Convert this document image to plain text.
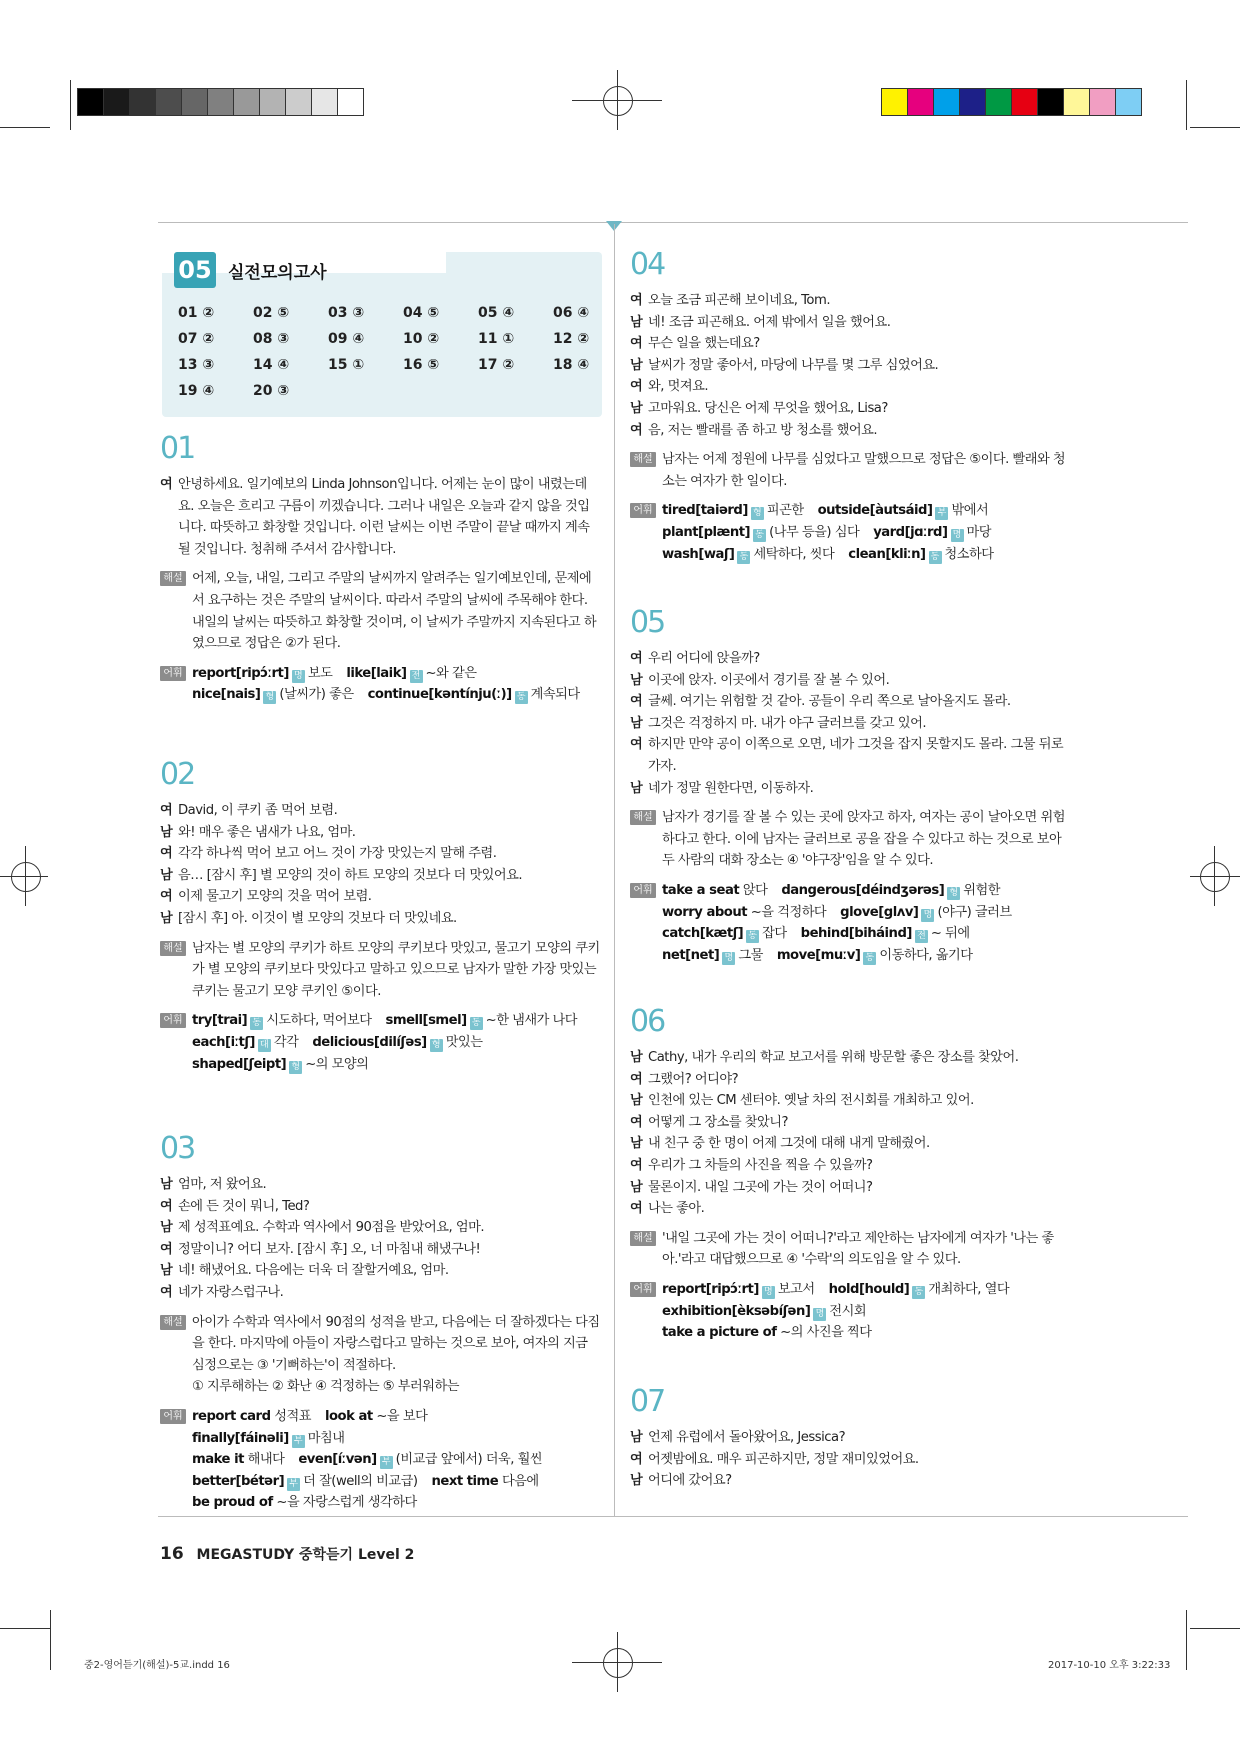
05 실전모의고사
01 ②	02 ⑤	03 ③	04 ⑤	05 ④	06 ④
07 ②	08 ③	09 ④	10 ②	11 ①	12 ②
13 ③	14 ④	15 ①	16 ⑤	17 ②	18 ④
19 ④	20 ③
01
여 안녕하세요. 일기예보의 Linda Johnson입니다. 어제는 눈이 많이 내렸는데요. 오늘은 흐리고 구름이 끼겠습니다. 그러나 내일은 오늘과 같지 않을 것입니다. 따뜻하고 화창할 것입니다. 이런 날씨는 이번 주말이 끝날 때까지 계속될 것입니다. 청취해 주셔서 감사합니다.
해설 어제, 오늘, 내일, 그리고 주말의 날씨까지 알려주는 일기예보인데, 문제에서 요구하는 것은 주말의 날씨이다. 따라서 주말의 날씨에 주목해야 한다. 내일의 날씨는 따뜻하고 화창할 것이며, 이 날씨가 주말까지 지속된다고 하였으므로 정답은 ②가 된다.
어휘 report[ripɔ́ːrt] 명 보도 like[laik] 전 ~와 같은
nice[nais] 형 (날씨가) 좋은 continue[kəntínju(ː)] 동 계속되다
02
여 David, 이 쿠키 좀 먹어 보렴.
남 와! 매우 좋은 냄새가 나요, 엄마.
여 각각 하나씩 먹어 보고 어느 것이 가장 맛있는지 말해 주렴.
남 음… [잠시 후] 별 모양의 것이 하트 모양의 것보다 더 맛있어요.
여 이제 물고기 모양의 것을 먹어 보렴.
남 [잠시 후] 아. 이것이 별 모양의 것보다 더 맛있네요.
해설 남자는 별 모양의 쿠키가 하트 모양의 쿠키보다 맛있고, 물고기 모양의 쿠키가 별 모양의 쿠키보다 맛있다고 말하고 있으므로 남자가 말한 가장 맛있는 쿠키는 물고기 모양 쿠키인 ⑤이다.
어휘 try[trai] 동 시도하다, 먹어보다 smell[smel] 동 ~한 냄새가 나다
each[iːtʃ] 대 각각 delicious[dilíʃəs] 형 맛있는
shaped[ʃeipt] 형 ~의 모양의
03
남 엄마, 저 왔어요.
여 손에 든 것이 뭐니, Ted?
남 제 성적표예요. 수학과 역사에서 90점을 받았어요, 엄마.
여 정말이니? 어디 보자. [잠시 후] 오, 너 마침내 해냈구나!
남 네! 해냈어요. 다음에는 더욱 더 잘할거예요, 엄마.
여 네가 자랑스럽구나.
해설 아이가 수학과 역사에서 90점의 성적을 받고, 다음에는 더 잘하겠다는 다짐을 한다. 마지막에 아들이 자랑스럽다고 말하는 것으로 보아, 여자의 지금 심정으로는 ③ '기뻐하는'이 적절하다.
① 지루해하는 ② 화난 ④ 걱정하는 ⑤ 부러워하는
어휘 report card 성적표 look at ~을 보다finally[fáinəli] 부 마침내
make it 해내다 even[íːvən] 부 (비교급 앞에서) 더욱, 훨씬
better[bétər] 부 더 잘(well의 비교급) next time 다음에
be proud of ~을 자랑스럽게 생각하다
04
여 오늘 조금 피곤해 보이네요, Tom.
남 네! 조금 피곤해요. 어제 밖에서 일을 했어요.
여 무슨 일을 했는데요?
남 날씨가 정말 좋아서, 마당에 나무를 몇 그루 심었어요.
여 와, 멋져요.
남 고마워요. 당신은 어제 무엇을 했어요, Lisa?
여 음, 저는 빨래를 좀 하고 방 청소를 했어요.
해설 남자는 어제 정원에 나무를 심었다고 말했으므로 정답은 ⑤이다. 빨래와 청소는 여자가 한 일이다.
어휘 tired[taiərd] 형 피곤한 outside[àutsáid] 부 밖에서
plant[plænt] 동 (나무 등을) 심다 yard[jɑːrd] 명 마당
wash[waʃ] 동 세탁하다, 씻다 clean[kliːn] 동 청소하다
05
여 우리 어디에 앉을까?
남 이곳에 앉자. 이곳에서 경기를 잘 볼 수 있어.
여 글쎄. 여기는 위험할 것 같아. 공들이 우리 쪽으로 날아올지도 몰라.
남 그것은 걱정하지 마. 내가 야구 글러브를 갖고 있어.
여 하지만 만약 공이 이쪽으로 오면, 네가 그것을 잡지 못할지도 몰라. 그물 뒤로 가자.
남 네가 정말 원한다면, 이동하자.
해설 남자가 경기를 잘 볼 수 있는 곳에 앉자고 하자, 여자는 공이 날아오면 위험하다고 한다. 이에 남자는 글러브로 공을 잡을 수 있다고 하는 것으로 보아 두 사람의 대화 장소는 ④ '야구장'임을 알 수 있다.
어휘 take a seat 앉다 dangerous[déindʒərəs] 형 위험한
worry about ~을 걱정하다 glove[glʌv] 명 (야구) 글러브
catch[kætʃ] 동 잡다 behind[biháind] 전 ~ 뒤에
net[net] 명 그물 move[muːv] 동 이동하다, 옮기다
06
남 Cathy, 내가 우리의 학교 보고서를 위해 방문할 좋은 장소를 찾았어.
여 그랬어? 어디야?
남 인천에 있는 CM 센터야. 옛날 차의 전시회를 개최하고 있어.
여 어떻게 그 장소를 찾았니?
남 내 친구 중 한 명이 어제 그것에 대해 내게 말해줬어.
여 우리가 그 차들의 사진을 찍을 수 있을까?
남 물론이지. 내일 그곳에 가는 것이 어떠니?
여 나는 좋아.
해설 '내일 그곳에 가는 것이 어떠니?'라고 제안하는 남자에게 여자가 '나는 좋아.'라고 대답했으므로 ④ '수락'의 의도임을 알 수 있다.
어휘 report[ripɔ́ːrt] 명 보고서 hold[hould] 동 개최하다, 열다
exhibition[èksəbíʃən] 명 전시회
take a picture of ~의 사진을 찍다
07
남 언제 유럽에서 돌아왔어요, Jessica?
여 어젯밤에요. 매우 피곤하지만, 정말 재미있었어요.
남 어디에 갔어요?
16 MEGASTUDY 중학듣기 Level 2
중2-영어듣기(해설)-5교.indd 16	2017-10-10 오후 3:22:33
